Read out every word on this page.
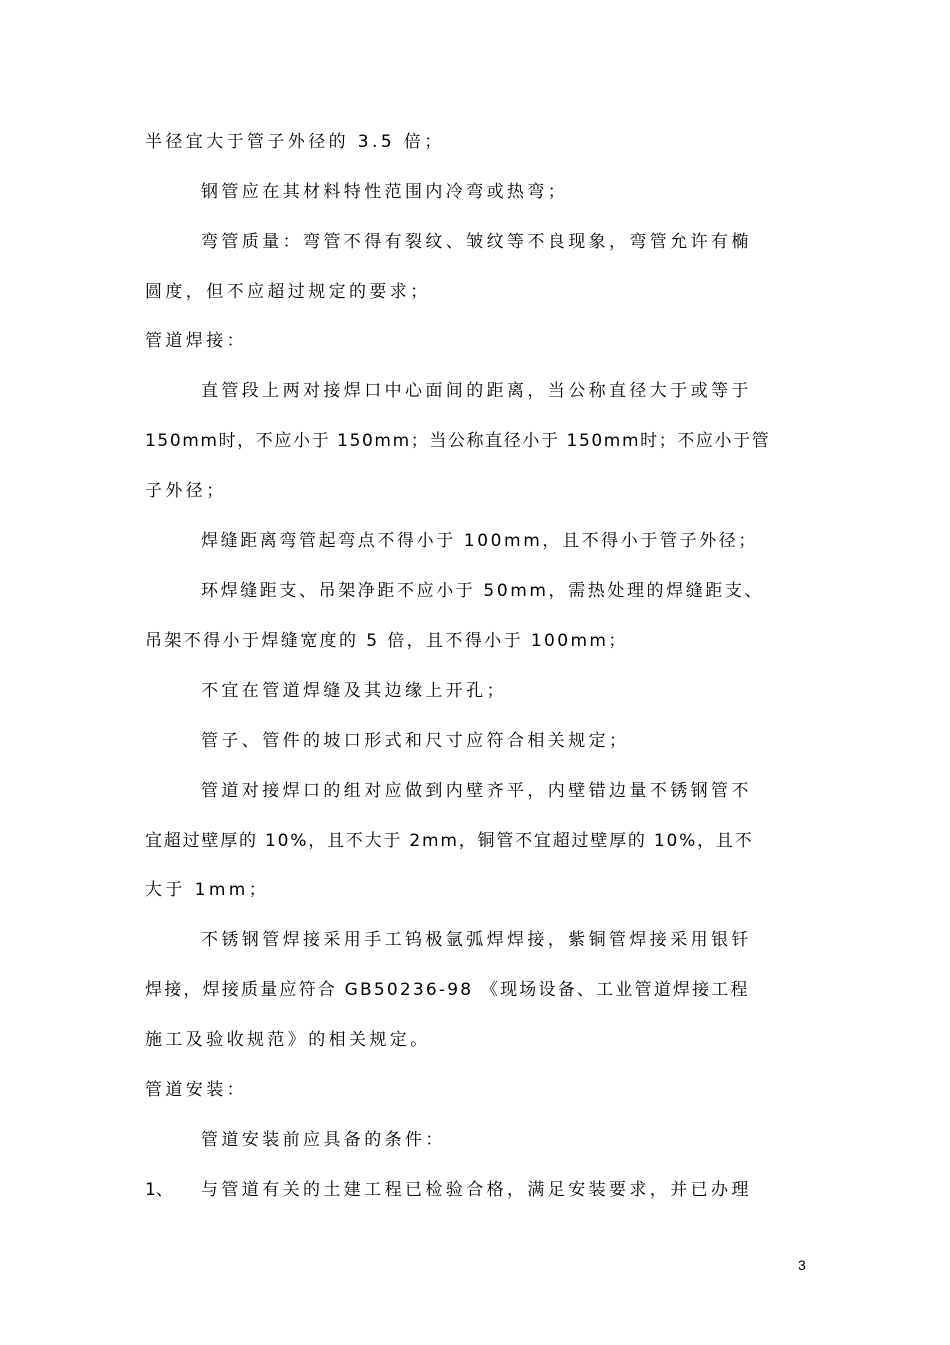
半径宜大于管子外径的 3.5 倍；
钢管应在其材料特性范围内冷弯或热弯；
弯管质量：弯管不得有裂纹、皱纹等不良现象，弯管允许有椭
圆度，但不应超过规定的要求；
管道焊接：
直管段上两对接焊口中心面间的距离，当公称直径大于或等于
150mm时，不应小于 150mm；当公称直径小于 150mm时；不应小于管
子外径；
焊缝距离弯管起弯点不得小于 100mm，且不得小于管子外径；
环焊缝距支、吊架净距不应小于 50mm，需热处理的焊缝距支、
吊架不得小于焊缝宽度的 5 倍，且不得小于 100mm；
不宜在管道焊缝及其边缘上开孔；
管子、管件的坡口形式和尺寸应符合相关规定；
管道对接焊口的组对应做到内壁齐平，内壁错边量不锈钢管不
宜超过壁厚的 10%，且不大于 2mm，铜管不宜超过壁厚的 10%，且不
大于 1mm；
不锈钢管焊接采用手工钨极氩弧焊焊接，紫铜管焊接采用银钎
焊接，焊接质量应符合 GB50236-98 《现场设备、工业管道焊接工程
施工及验收规范》的相关规定。
管道安装：
管道安装前应具备的条件：
1、 与管道有关的土建工程已检验合格，满足安装要求，并已办理
3
